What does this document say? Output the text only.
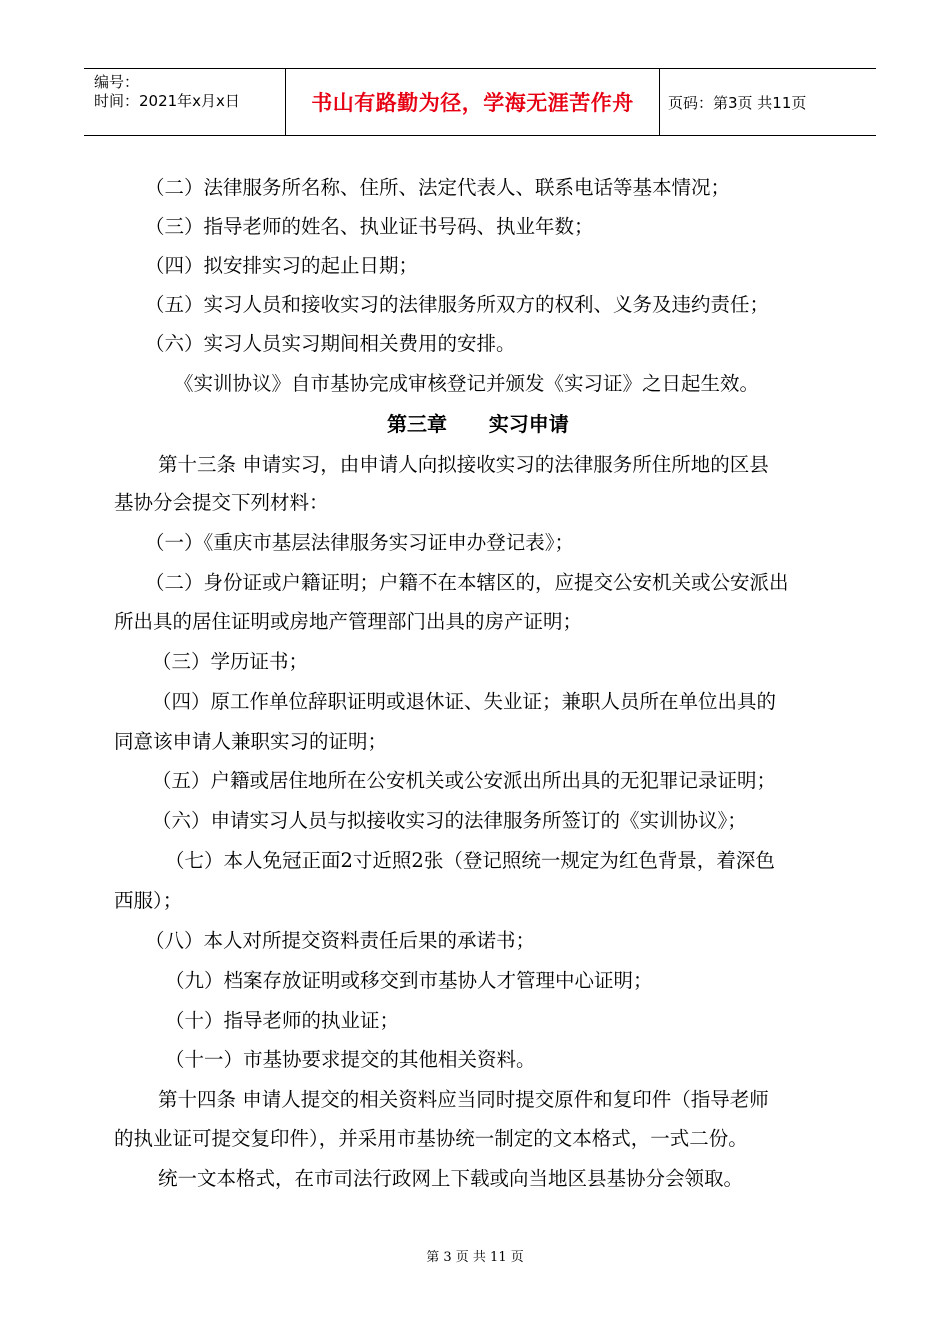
编号：
时间：2021年x月x日	书山有路勤为径，学海无涯苦作舟	页码：第3页 共11页
（二）法律服务所名称、住所、法定代表人、联系电话等基本情况；
（三）指导老师的姓名、执业证书号码、执业年数；
（四）拟安排实习的起止日期；
（五）实习人员和接收实习的法律服务所双方的权利、义务及违约责任；
（六）实习人员实习期间相关费用的安排。
《实训协议》自市基协完成审核登记并颁发《实习证》之日起生效。
第三章      实习申请
第十三条 申请实习，由申请人向拟接收实习的法律服务所住所地的区县
基协分会提交下列材料：
（一）《重庆市基层法律服务实习证申办登记表》；
（二）身份证或户籍证明；户籍不在本辖区的，应提交公安机关或公安派出
所出具的居住证明或房地产管理部门出具的房产证明；
（三）学历证书；
（四）原工作单位辞职证明或退休证、失业证；兼职人员所在单位出具的
同意该申请人兼职实习的证明；
（五）户籍或居住地所在公安机关或公安派出所出具的无犯罪记录证明；
（六）申请实习人员与拟接收实习的法律服务所签订的《实训协议》；
（七）本人免冠正面2寸近照2张（登记照统一规定为红色背景，着深色
西服）；
（八）本人对所提交资料责任后果的承诺书；
（九）档案存放证明或移交到市基协人才管理中心证明；
（十）指导老师的执业证；
（十一）市基协要求提交的其他相关资料。
第十四条 申请人提交的相关资料应当同时提交原件和复印件（指导老师
的执业证可提交复印件），并采用市基协统一制定的文本格式，一式二份。
统一文本格式，在市司法行政网上下载或向当地区县基协分会领取。
第 3 页 共 11 页
